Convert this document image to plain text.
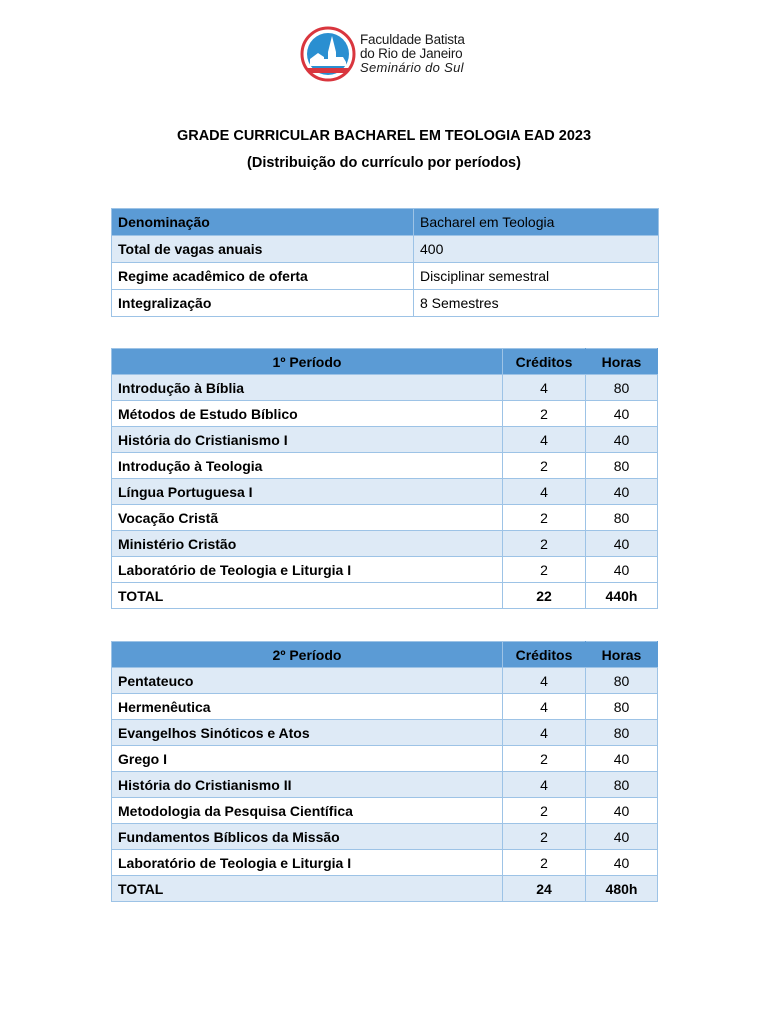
Faculdade Batista
do Rio de Janeiro
Seminário do Sul
GRADE CURRICULAR BACHAREL EM TEOLOGIA EAD 2023
(Distribuição do currículo por períodos)
Denominação	Bacharel em Teologia
Total de vagas anuais	400
Regime acadêmico de oferta	Disciplinar semestral
Integralização	8 Semestres
1º Período	Créditos	Horas
Introdução à Bíblia	4	80
Métodos de Estudo Bíblico	2	40
História do Cristianismo I	4	40
Introdução à Teologia	2	80
Língua Portuguesa I	4	40
Vocação Cristã	2	80
Ministério Cristão	2	40
Laboratório de Teologia e Liturgia I	2	40
TOTAL	22	440h
2º Período	Créditos	Horas
Pentateuco	4	80
Hermenêutica	4	80
Evangelhos Sinóticos e Atos	4	80
Grego I	2	40
História do Cristianismo II	4	80
Metodologia da Pesquisa Científica	2	40
Fundamentos Bíblicos da Missão	2	40
Laboratório de Teologia e Liturgia I	2	40
TOTAL	24	480h
